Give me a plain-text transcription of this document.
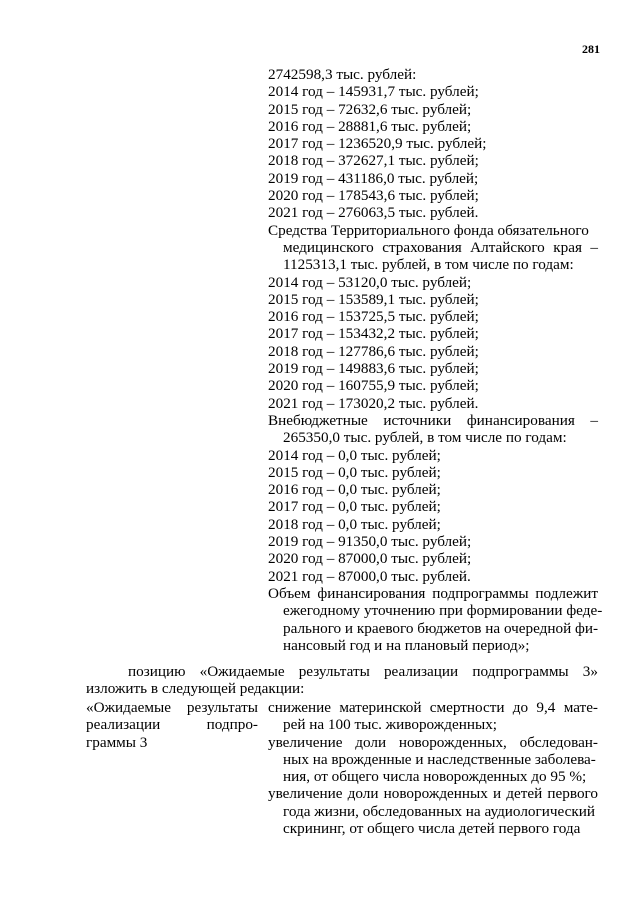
281
2742598,3 тыс. рублей:
2014 год – 145931,7 тыс. рублей;
2015 год – 72632,6 тыс. рублей;
2016 год – 28881,6 тыс. рублей;
2017 год – 1236520,9 тыс. рублей;
2018 год – 372627,1 тыс. рублей;
2019 год – 431186,0 тыс. рублей;
2020 год – 178543,6 тыс. рублей;
2021 год – 276063,5 тыс. рублей.
Средства Территориального фонда обязательного
медицинского страхования Алтайского края –
1125313,1 тыс. рублей, в том числе по годам:
2014 год – 53120,0 тыс. рублей;
2015 год – 153589,1 тыс. рублей;
2016 год – 153725,5 тыс. рублей;
2017 год – 153432,2 тыс. рублей;
2018 год – 127786,6 тыс. рублей;
2019 год – 149883,6 тыс. рублей;
2020 год – 160755,9 тыс. рублей;
2021 год – 173020,2 тыс. рублей.
Внебюджетные источники финансирования –
265350,0 тыс. рублей, в том числе по годам:
2014 год – 0,0 тыс. рублей;
2015 год – 0,0 тыс. рублей;
2016 год – 0,0 тыс. рублей;
2017 год – 0,0 тыс. рублей;
2018 год – 0,0 тыс. рублей;
2019 год – 91350,0 тыс. рублей;
2020 год – 87000,0 тыс. рублей;
2021 год – 87000,0 тыс. рублей.
Объем финансирования подпрограммы подлежит
ежегодному уточнению при формировании феде-
рального и краевого бюджетов на очередной фи-
нансовый год и на плановый период»;
позицию «Ожидаемые результаты реализации подпрограммы 3» изложить в следующей редакции:
«Ожидаемые результаты
реализации	подпро-
граммы 3
снижение материнской смертности до 9,4 матe-
рей на 100 тыс. живорожденных;
увеличение доли новорожденных, обследован-
ных на врожденные и наследственные заболева-
ния, от общего числа новорожденных до 95 %;
увеличение доли новорожденных и детей первого
года жизни, обследованных на аудиологический
скрининг, от общего числа детей первого года
